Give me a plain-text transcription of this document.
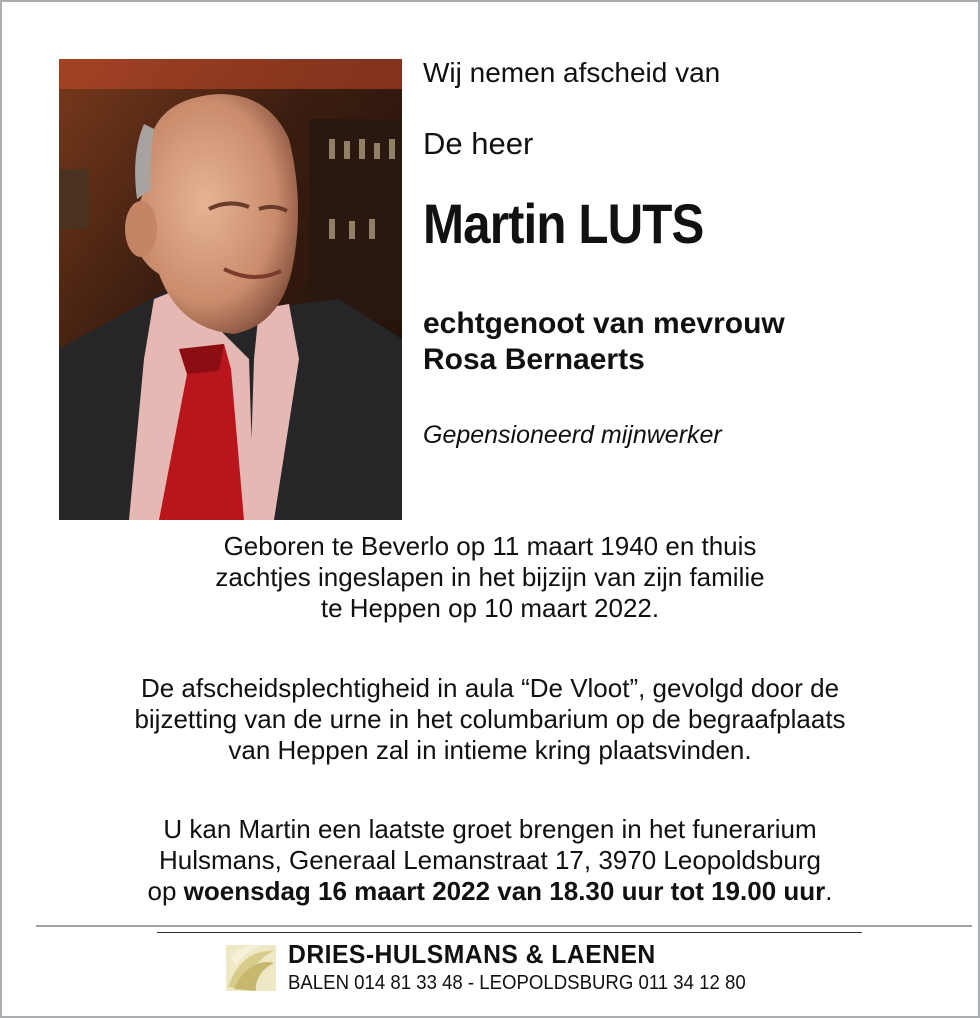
Wij nemen afscheid van
De heer
Martin LUTS
echtgenoot van mevrouw
Rosa Bernaerts
Gepensioneerd mijnwerker
Geboren te Beverlo op 11 maart 1940 en thuis
zachtjes ingeslapen in het bijzijn van zijn familie
te Heppen op 10 maart 2022.
De afscheidsplechtigheid in aula “De Vloot”, gevolgd door de
bijzetting van de urne in het columbarium op de begraafplaats
van Heppen zal in intieme kring plaatsvinden.
U kan Martin een laatste groet brengen in het funerarium
Hulsmans, Generaal Lemanstraat 17, 3970 Leopoldsburg
op woensdag 16 maart 2022 van 18.30 uur tot 19.00 uur.
DRIES-HULSMANS & LAENEN
BALEN 014 81 33 48 - LEOPOLDSBURG 011 34 12 80
